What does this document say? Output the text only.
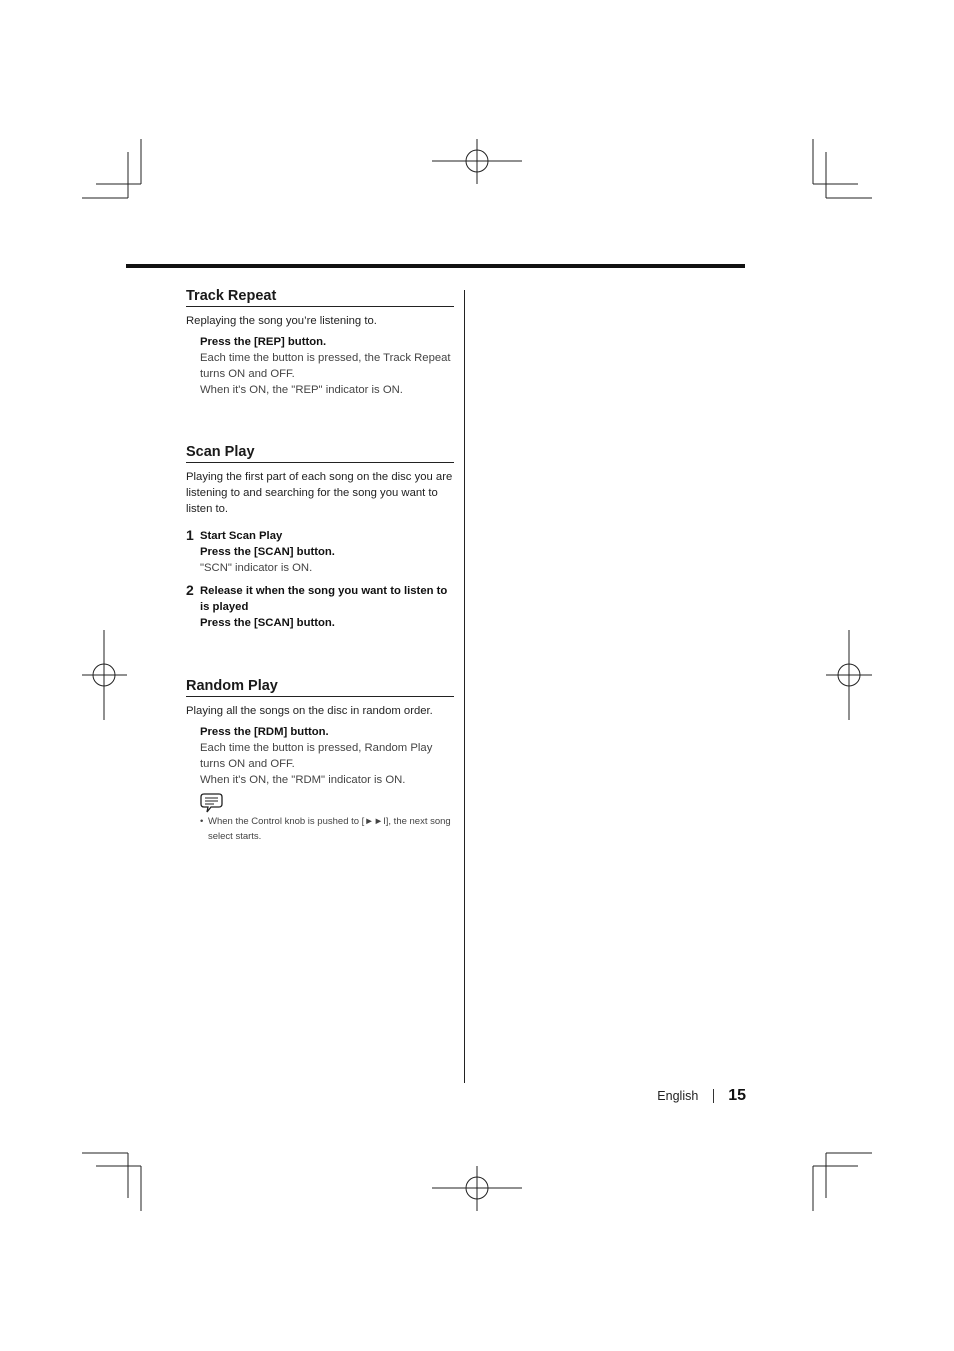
Track Repeat
Replaying the song you’re listening to.
Press the [REP] button.
Each time the button is pressed, the Track Repeat turns ON and OFF.
When it's ON, the "REP" indicator is ON.
Scan Play
Playing the first part of each song on the disc you are listening to and searching for the song you want to listen to.
1 Start Scan Play
Press the [SCAN] button.
"SCN" indicator is ON.
2 Release it when the song you want to listen to is played
Press the [SCAN] button.
Random Play
Playing all the songs on the disc in random order.
Press the [RDM] button.
Each time the button is pressed, Random Play turns ON and OFF.
When it's ON, the "RDM" indicator is ON.
• When the Control knob is pushed to [►►I], the next song select starts.
English 15
